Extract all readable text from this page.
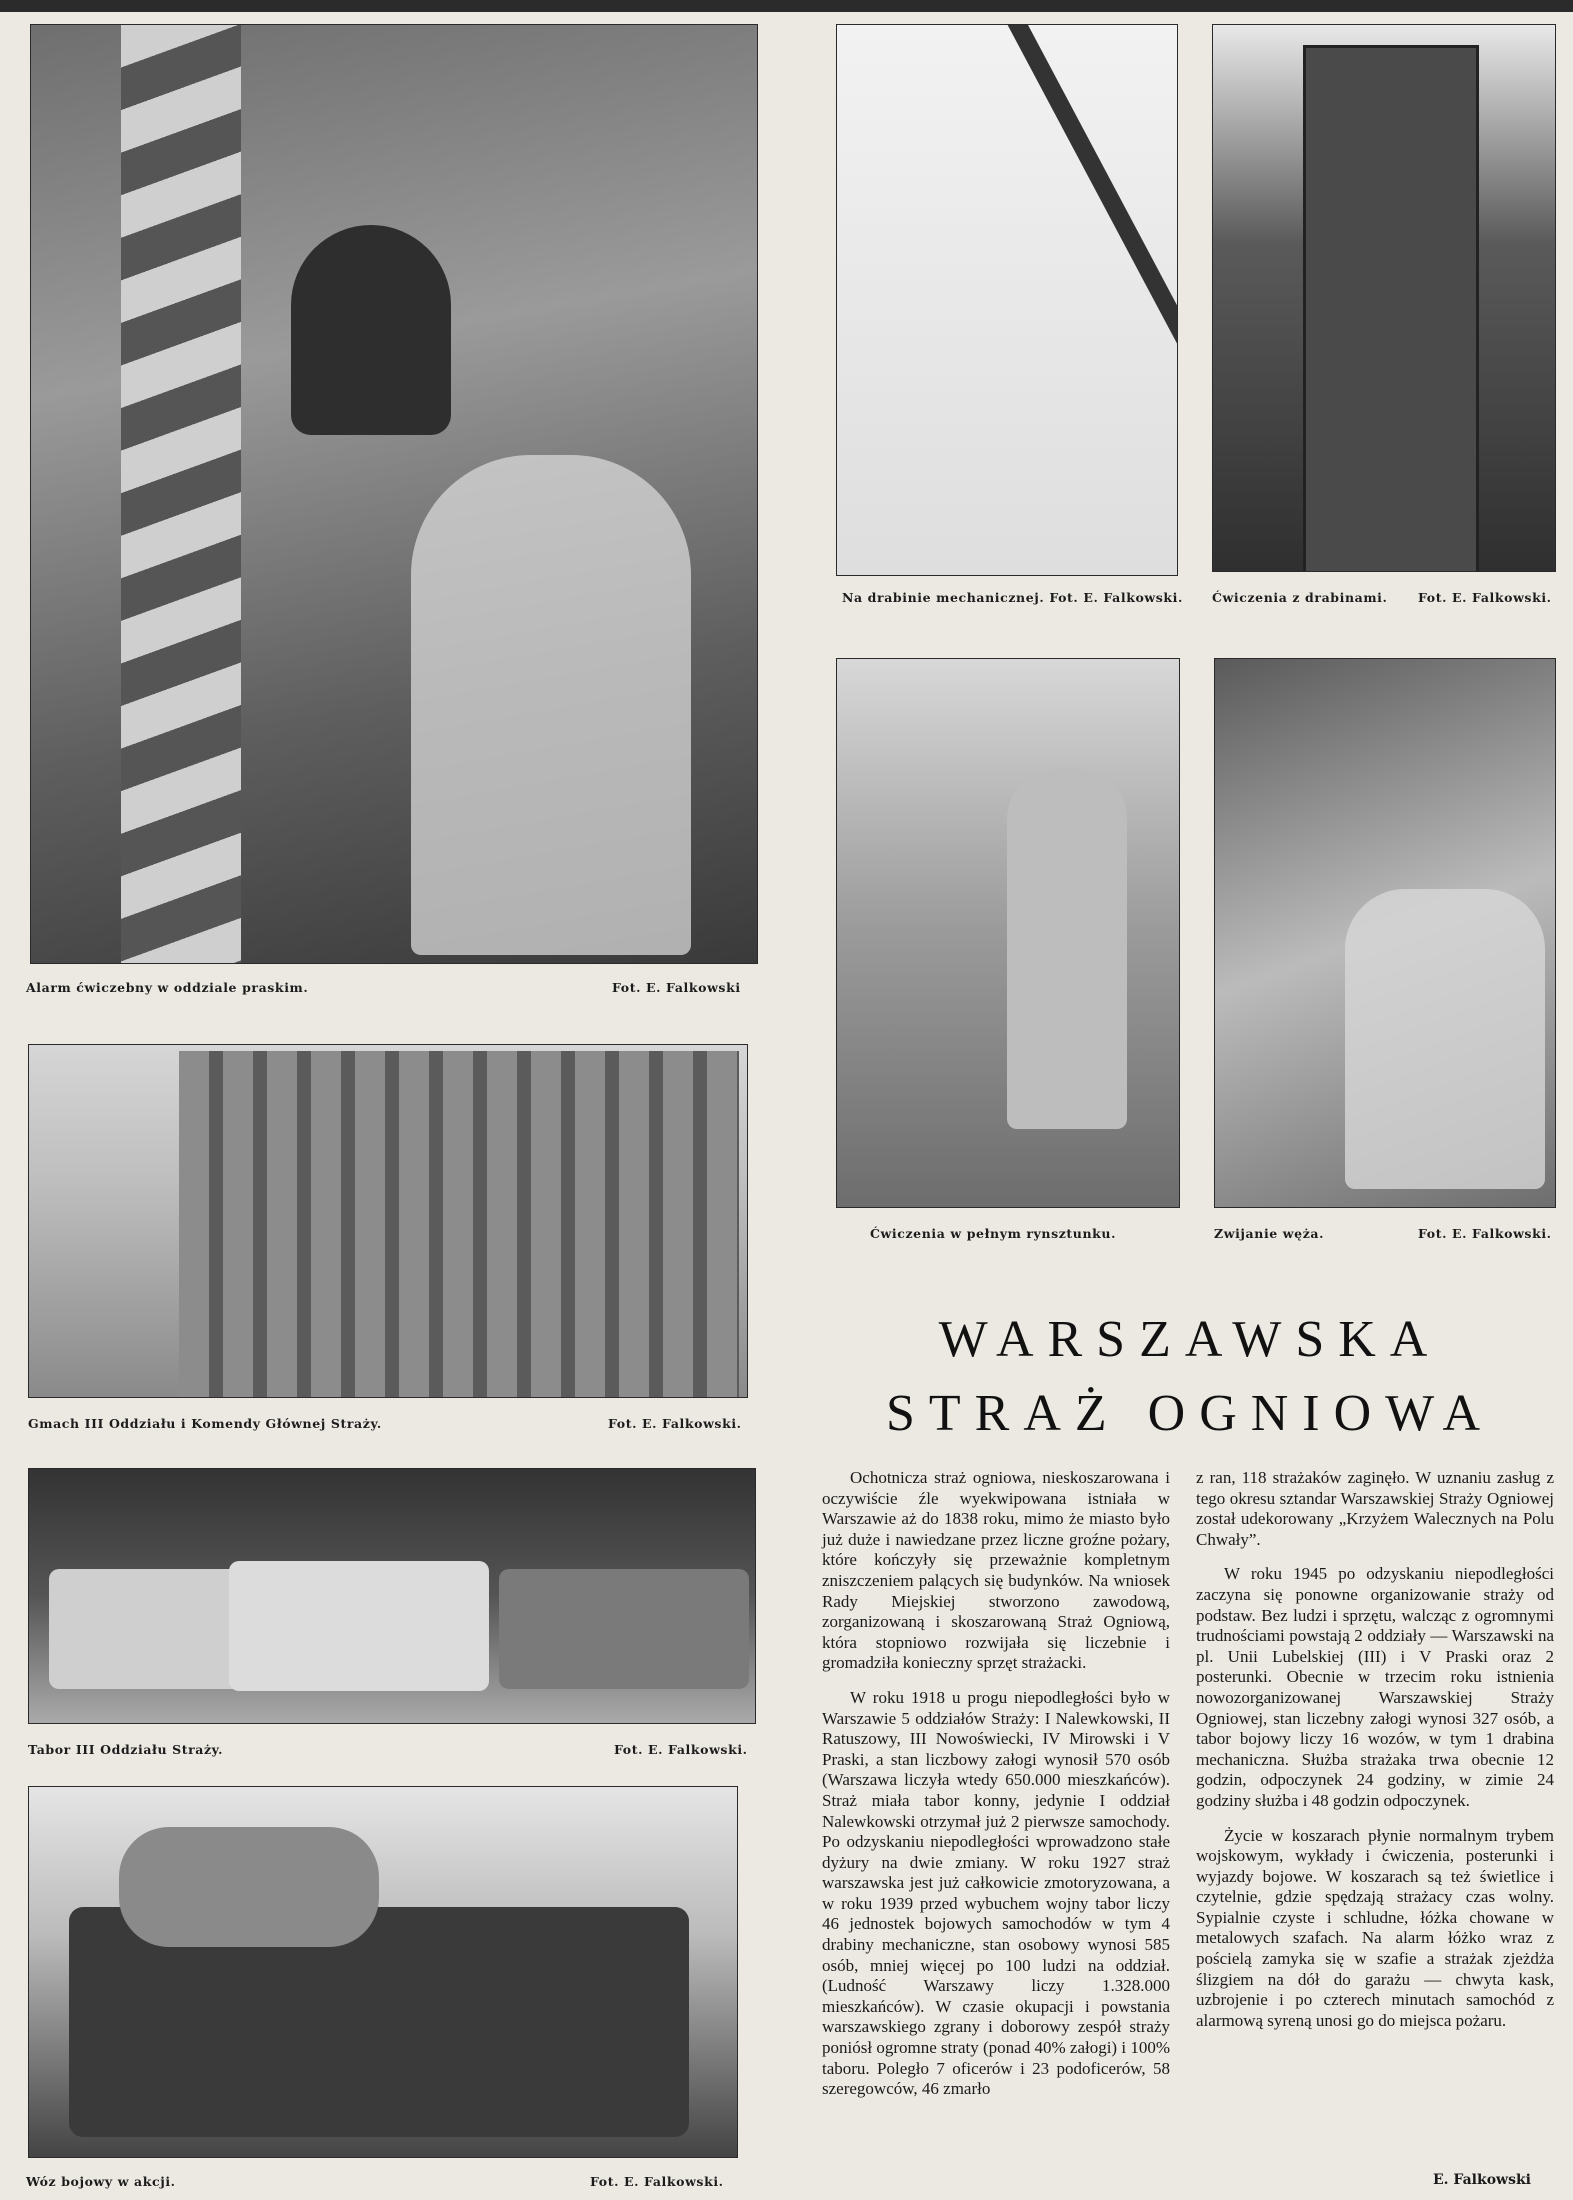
Alarm ćwiczebny w oddziale praskim.	Fot. E. Falkowski
Gmach III Oddziału i Komendy Głównej Straży.	Fot. E. Falkowski.
Tabor III Oddziału Straży.	Fot. E. Falkowski.
Wóz bojowy w akcji.	Fot. E. Falkowski.
Na drabinie mechanicznej. Fot. E. Falkowski. Ćwiczenia z drabinami. Fot. E. Falkowski.
Ćwiczenia w pełnym rynsztunku.	Zwijanie węża.	Fot. E. Falkowski.
WARSZAWSKA
STRAŻ OGNIOWA

Ochotnicza straż ogniowa, nieskoszarowana i oczywiście źle wyekwipowana istniała w Warszawie aż do 1838 roku, mimo że miasto było już duże i nawiedzane przez liczne groźne pożary, które kończyły się przeważnie kompletnym zniszczeniem palących się budynków. Na wniosek Rady Miejskiej stworzono zawodową, zorganizowaną i skoszarowaną Straż Ogniową, która stopniowo rozwijała się liczebnie i gromadziła konieczny sprzęt strażacki.

W roku 1918 u progu niepodległości było w Warszawie 5 oddziałów Straży: I Nalewkowski, II Ratuszowy, III Nowoświecki, IV Mirowski i V Praski, a stan liczbowy załogi wynosił 570 osób (Warszawa liczyła wtedy 650.000 mieszkańców). Straż miała tabor konny, jedynie I oddział Nalewkowski otrzymał już 2 pierwsze samochody. Po odzyskaniu niepodległości wprowadzono stałe dyżury na dwie zmiany. W roku 1927 straż warszawska jest już całkowicie zmotoryzowana, a w roku 1939 przed wybuchem wojny tabor liczy 46 jednostek bojowych samochodów w tym 4 drabiny mechaniczne, stan osobowy wynosi 585 osób, mniej więcej po 100 ludzi na oddział. (Ludność Warszawy liczy 1.328.000 mieszkańców). W czasie okupacji i powstania warszawskiego zgrany i doborowy zespół straży poniósł ogromne straty (ponad 40% załogi) i 100% taboru. Poległo 7 oficerów i 23 podoficerów, 58 szeregowców, 46 zmarło

z ran, 118 strażaków zaginęło. W uznaniu zasług z tego okresu sztandar Warszawskiej Straży Ogniowej został udekorowany „Krzyżem Walecznych na Polu Chwały”.

W roku 1945 po odzyskaniu niepodległości zaczyna się ponowne organizowanie straży od podstaw. Bez ludzi i sprzętu, walcząc z ogromnymi trudnościami powstają 2 oddziały — Warszawski na pl. Unii Lubelskiej (III) i V Praski oraz 2 posterunki. Obecnie w trzecim roku istnienia nowozorganizowanej Warszawskiej Straży Ogniowej, stan liczebny załogi wynosi 327 osób, a tabor bojowy liczy 16 wozów, w tym 1 drabina mechaniczna. Służba strażaka trwa obecnie 12 godzin, odpoczynek 24 godziny, w zimie 24 godziny służba i 48 godzin odpoczynek.

Życie w koszarach płynie normalnym trybem wojskowym, wykłady i ćwiczenia, posterunki i wyjazdy bojowe. W koszarach są też świetlice i czytelnie, gdzie spędzają strażacy czas wolny. Sypialnie czyste i schludne, łóżka chowane w metalowych szafach. Na alarm łóżko wraz z pościelą zamyka się w szafie a strażak zjeżdża ślizgiem na dół do garażu — chwyta kask, uzbrojenie i po czterech minutach samochód z alarmową syreną unosi go do miejsca pożaru.

E. Falkowski
